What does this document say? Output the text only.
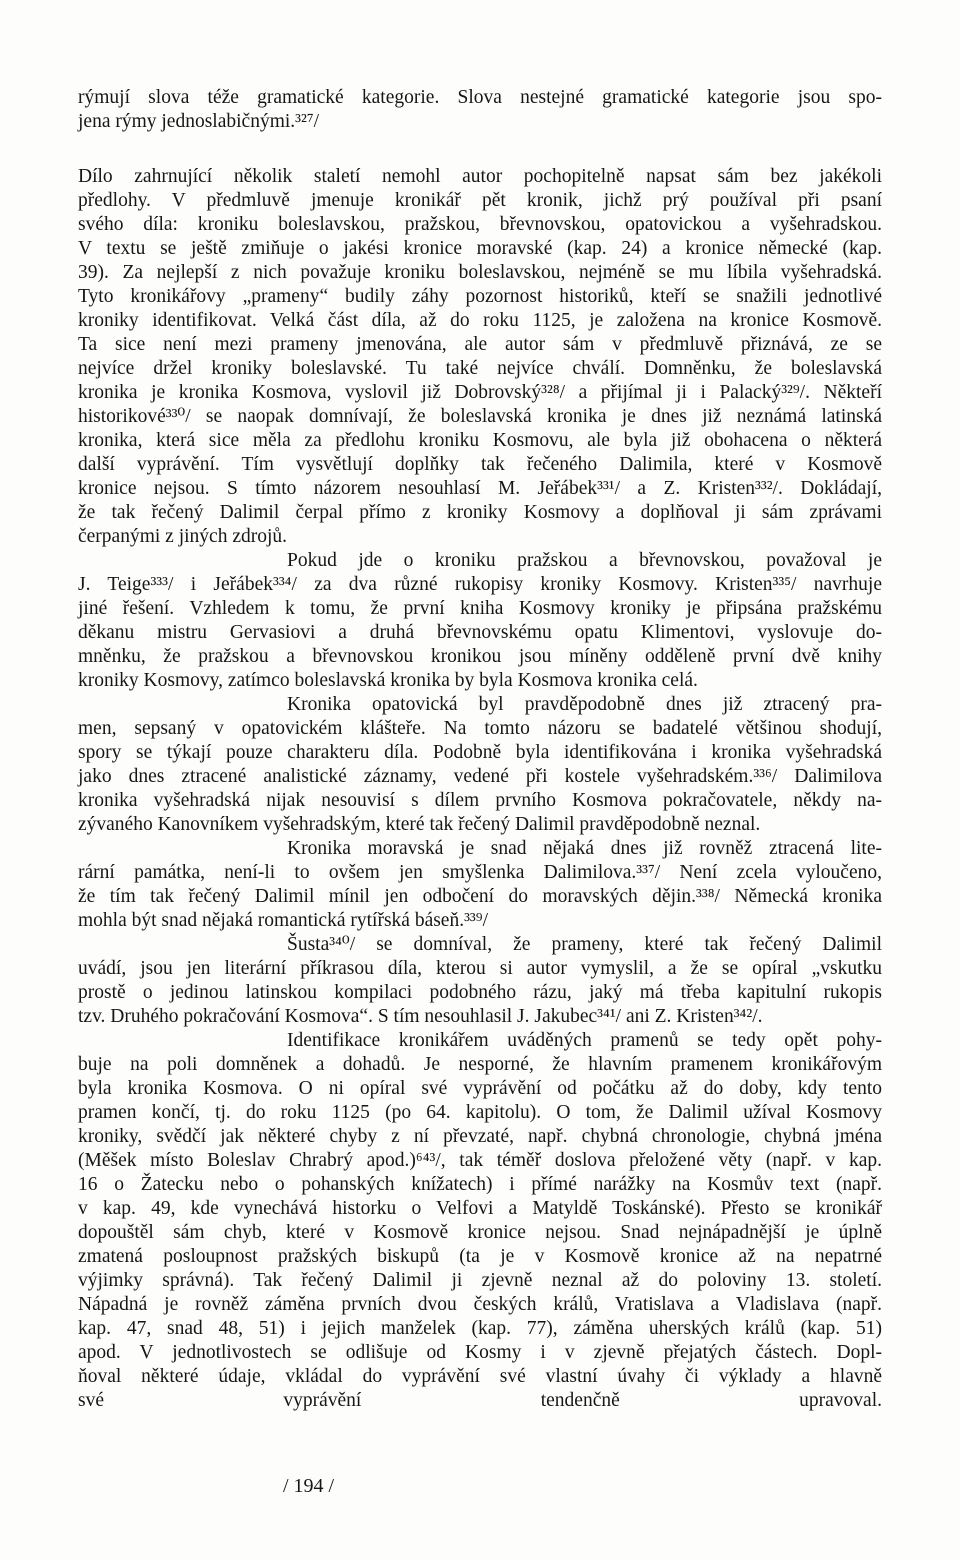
rýmují slova téže gramatické kategorie. Slova nestejné gramatické kategorie jsou spo-
jena rýmy jednoslabičnými.³²⁷/
Dílo zahrnující několik staletí nemohl autor pochopitelně napsat sám bez jakékoli
předlohy. V předmluvě jmenuje kronikář pět kronik, jichž prý používal při psaní
svého díla: kroniku boleslavskou, pražskou, břevnovskou, opatovickou a vyšehradskou.
V textu se ještě zmiňuje o jakési kronice moravské (kap. 24) a kronice německé (kap.
39). Za nejlepší z nich považuje kroniku boleslavskou, nejméně se mu líbila vyšehradská.
Tyto kronikářovy „prameny“ budily záhy pozornost historiků, kteří se snažili jednotlivé
kroniky identifikovat. Velká část díla, až do roku 1125, je založena na kronice Kosmově.
Ta sice není mezi prameny jmenována, ale autor sám v předmluvě přiznává, ze se
nejvíce držel kroniky boleslavské. Tu také nejvíce chválí. Domněnku, že boleslavská
kronika je kronika Kosmova, vyslovil již Dobrovský³²⁸/ a přijímal ji i Palacký³²⁹/. Někteří
historikové³³⁰/ se naopak domnívají, že boleslavská kronika je dnes již neznámá latinská
kronika, která sice měla za předlohu kroniku Kosmovu, ale byla již obohacena o některá
další vyprávění. Tím vysvětlují doplňky tak řečeného Dalimila, které v Kosmově
kronice nejsou. S tímto názorem nesouhlasí M. Jeřábek³³¹/ a Z. Kristen³³²/. Dokládají,
že tak řečený Dalimil čerpal přímo z kroniky Kosmovy a doplňoval ji sám zprávami
čerpanými z jiných zdrojů.
Pokud jde o kroniku pražskou a břevnovskou, považoval je
J. Teige³³³/ i Jeřábek³³⁴/ za dva různé rukopisy kroniky Kosmovy. Kristen³³⁵/ navrhuje
jiné řešení. Vzhledem k tomu, že první kniha Kosmovy kroniky je připsána pražskému
děkanu mistru Gervasiovi a druhá břevnovskému opatu Klimentovi, vyslovuje do-
mněnku, že pražskou a břevnovskou kronikou jsou míněny odděleně první dvě knihy
kroniky Kosmovy, zatímco boleslavská kronika by byla Kosmova kronika celá.
Kronika opatovická byl pravděpodobně dnes již ztracený pra-
men, sepsaný v opatovickém klášteře. Na tomto názoru se badatelé většinou shodují,
spory se týkají pouze charakteru díla. Podobně byla identifikována i kronika vyšehradská
jako dnes ztracené analistické záznamy, vedené při kostele vyšehradském.³³⁶/ Dalimilova
kronika vyšehradská nijak nesouvisí s dílem prvního Kosmova pokračovatele, někdy na-
zývaného Kanovníkem vyšehradským, které tak řečený Dalimil pravděpodobně neznal.
Kronika moravská je snad nějaká dnes již rovněž ztracená lite-
rární památka, není-li to ovšem jen smyšlenka Dalimilova.³³⁷/ Není zcela vyloučeno,
že tím tak řečený Dalimil mínil jen odbočení do moravských dějin.³³⁸/ Německá kronika
mohla být snad nějaká romantická rytířská báseň.³³⁹/
Šusta³⁴⁰/ se domníval, že prameny, které tak řečený Dalimil
uvádí, jsou jen literární příkrasou díla, kterou si autor vymyslil, a že se opíral „vskutku
prostě o jedinou latinskou kompilaci podobného rázu, jaký má třeba kapitulní rukopis
tzv. Druhého pokračování Kosmova“. S tím nesouhlasil J. Jakubec³⁴¹/ ani Z. Kristen³⁴²/.
Identifikace kronikářem uváděných pramenů se tedy opět pohy-
buje na poli domněnek a dohadů. Je nesporné, že hlavním pramenem kronikářovým
byla kronika Kosmova. O ni opíral své vyprávění od počátku až do doby, kdy tento
pramen končí, tj. do roku 1125 (po 64. kapitolu). O tom, že Dalimil užíval Kosmovy
kroniky, svědčí jak některé chyby z ní převzaté, např. chybná chronologie, chybná jména
(Měšek místo Boleslav Chrabrý apod.)⁶⁴³/, tak téměř doslova přeložené věty (např. v kap.
16 o Žatecku nebo o pohanských knížatech) i přímé narážky na Kosmův text (např.
v kap. 49, kde vynechává historku o Velfovi a Matyldě Toskánské). Přesto se kronikář
dopouštěl sám chyb, které v Kosmově kronice nejsou. Snad nejnápadnější je úplně
zmatená posloupnost pražských biskupů (ta je v Kosmově kronice až na nepatrné
výjimky správná). Tak řečený Dalimil ji zjevně neznal až do poloviny 13. století.
Nápadná je rovněž záměna prvních dvou českých králů, Vratislava a Vladislava (např.
kap. 47, snad 48, 51) i jejich manželek (kap. 77), záměna uherských králů (kap. 51)
apod. V jednotlivostech se odlišuje od Kosmy i v zjevně přejatých částech. Dopl-
ňoval některé údaje, vkládal do vyprávění své vlastní úvahy či výklady a hlavně
své vyprávění tendenčně upravoval.
/ 194 /
